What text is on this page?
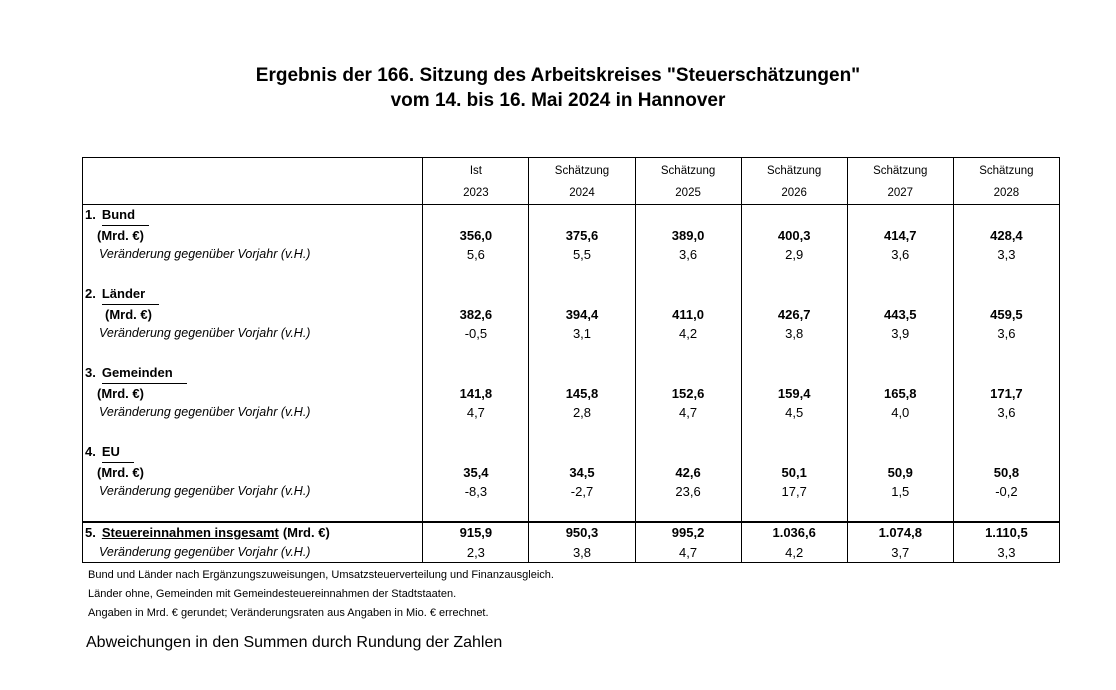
Ergebnis der 166. Sitzung des Arbeitskreises "Steuerschätzungen"
vom 14. bis 16. Mai 2024 in Hannover
	Ist	Schätzung	Schätzung	Schätzung	Schätzung	Schätzung
	2023	2024	2025	2026	2027	2028
1. Bund						
(Mrd. €)	356,0	375,6	389,0	400,3	414,7	428,4
Veränderung gegenüber Vorjahr (v.H.)	5,6	5,5	3,6	2,9	3,6	3,3

2. Länder						
(Mrd. €)	382,6	394,4	411,0	426,7	443,5	459,5
Veränderung gegenüber Vorjahr (v.H.)	-0,5	3,1	4,2	3,8	3,9	3,6

3. Gemeinden						
(Mrd. €)	141,8	145,8	152,6	159,4	165,8	171,7
Veränderung gegenüber Vorjahr (v.H.)	4,7	2,8	4,7	4,5	4,0	3,6

4. EU						
(Mrd. €)	35,4	34,5	42,6	50,1	50,9	50,8
Veränderung gegenüber Vorjahr (v.H.)	-8,3	-2,7	23,6	17,7	1,5	-0,2

5. Steuereinnahmen insgesamt (Mrd. €)	915,9	950,3	995,2	1.036,6	1.074,8	1.110,5
Veränderung gegenüber Vorjahr (v.H.)	2,3	3,8	4,7	4,2	3,7	3,3
Bund und Länder nach Ergänzungszuweisungen, Umsatzsteuerverteilung und Finanzausgleich.
Länder ohne, Gemeinden mit Gemeindesteuereinnahmen der Stadtstaaten.
Angaben in Mrd. € gerundet; Veränderungsraten aus Angaben in Mio. € errechnet.
Abweichungen in den Summen durch Rundung der Zahlen
